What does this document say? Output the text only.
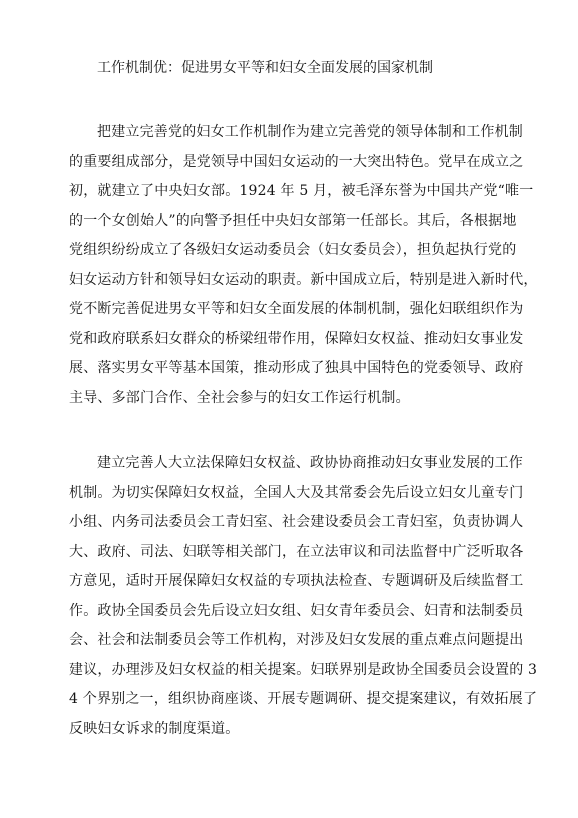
工作机制优：促进男女平等和妇女全面发展的国家机制

把建立完善党的妇女工作机制作为建立完善党的领导体制和工作机制

的重要组成部分，是党领导中国妇女运动的一大突出特色。党早在成立之

初，就建立了中央妇女部。1924 年 5 月，被毛泽东誉为中国共产党“唯一

的一个女创始人”的向警予担任中央妇女部第一任部长。其后，各根据地

党组织纷纷成立了各级妇女运动委员会（妇女委员会），担负起执行党的

妇女运动方针和领导妇女运动的职责。新中国成立后，特别是进入新时代，

党不断完善促进男女平等和妇女全面发展的体制机制，强化妇联组织作为

党和政府联系妇女群众的桥梁纽带作用，保障妇女权益、推动妇女事业发

展、落实男女平等基本国策，推动形成了独具中国特色的党委领导、政府

主导、多部门合作、全社会参与的妇女工作运行机制。

建立完善人大立法保障妇女权益、政协协商推动妇女事业发展的工作

机制。为切实保障妇女权益，全国人大及其常委会先后设立妇女儿童专门

小组、内务司法委员会工青妇室、社会建设委员会工青妇室，负责协调人

大、政府、司法、妇联等相关部门，在立法审议和司法监督中广泛听取各

方意见，适时开展保障妇女权益的专项执法检查、专题调研及后续监督工

作。政协全国委员会先后设立妇女组、妇女青年委员会、妇青和法制委员

会、社会和法制委员会等工作机构，对涉及妇女发展的重点难点问题提出

建议，办理涉及妇女权益的相关提案。妇联界别是政协全国委员会设置的 3

4 个界别之一，组织协商座谈、开展专题调研、提交提案建议，有效拓展了

反映妇女诉求的制度渠道。
